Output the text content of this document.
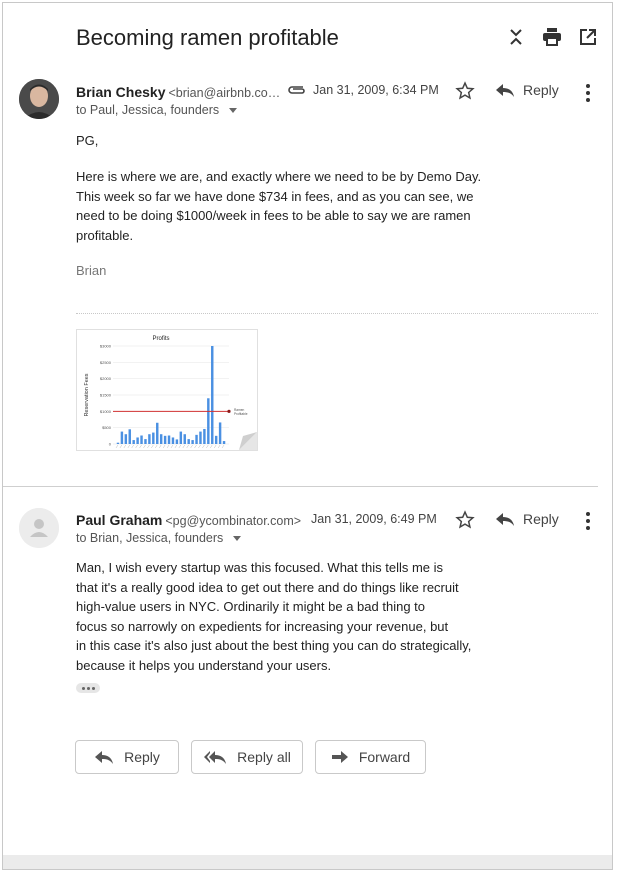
Becoming ramen profitable
Brian Chesky <brian@airbnb.co…
to Paul, Jessica, founders
Jan 31, 2009, 6:34 PM	Reply
PG,
Here is where we are, and exactly where we need to be by Demo Day.
This week so far we have done $734 in fees, and as you can see, we
need to be doing $1000/week in fees to be able to say we are ramen
profitable.
Brian
Profits
Reservation Fees
$3000
$2500
$2000
$1500
$1000
$500
0
Ramen
Profitable
Paul Graham <pg@ycombinator.com>
to Brian, Jessica, founders
Jan 31, 2009, 6:49 PM	Reply
Man, I wish every startup was this focused. What this tells me is
that it's a really good idea to get out there and do things like recruit
high-value users in NYC. Ordinarily it might be a bad thing to
focus so narrowly on expedients for increasing your revenue, but
in this case it's also just about the best thing you can do strategically,
because it helps you understand your users.
Reply	Reply all	Forward
